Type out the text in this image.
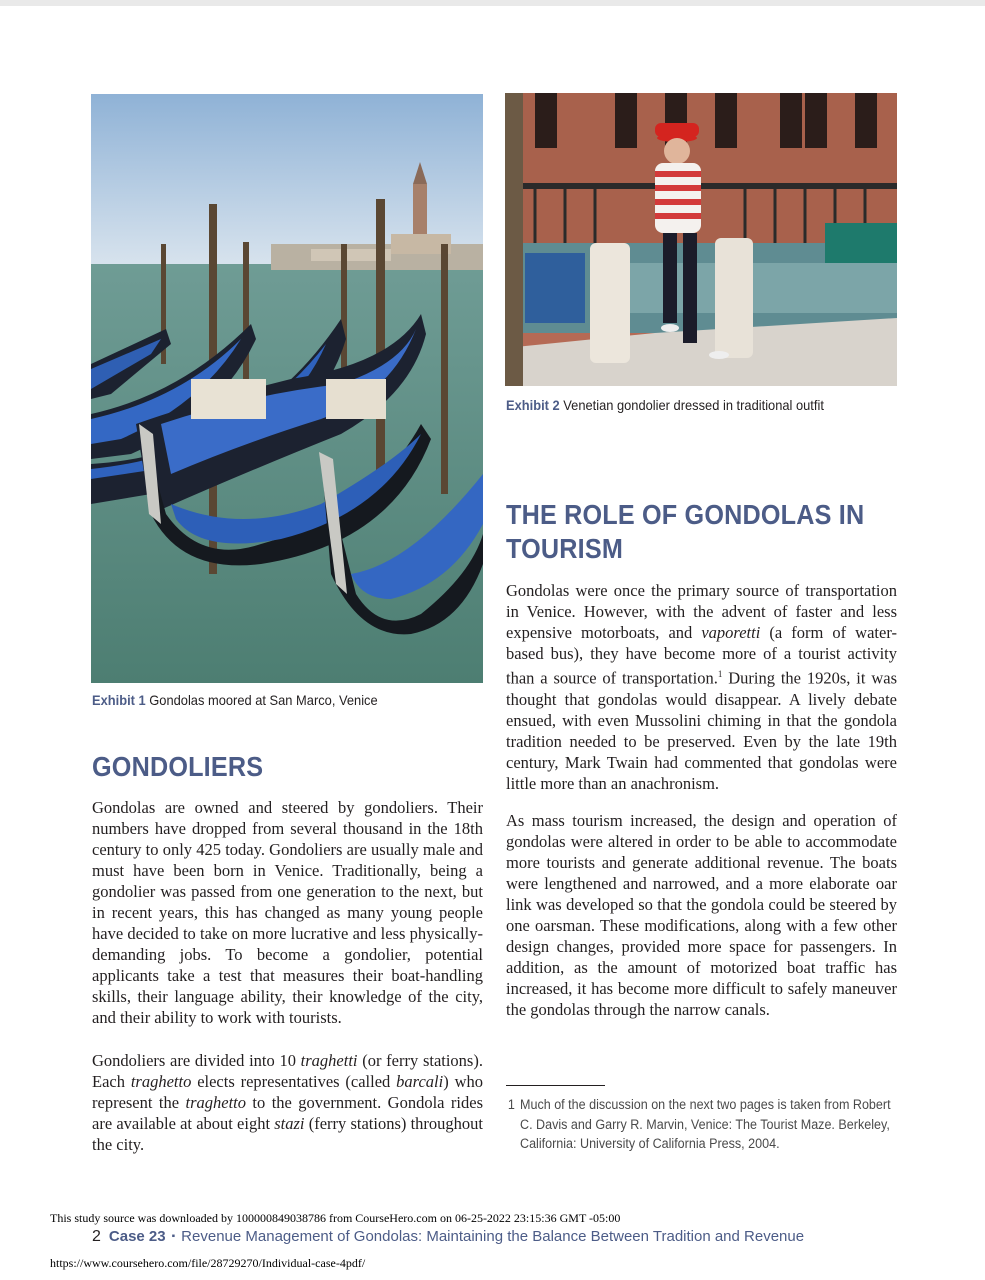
Exhibit 2 Venetian gondolier dressed in traditional outfit
Exhibit 1 Gondolas moored at San Marco, Venice
THE ROLE OF GONDOLAS IN
TOURISM

Gondolas were once the primary source of transportation in Venice. However, with the advent of faster and less expensive motorboats, and vaporetti (a form of water-based bus), they have become more of a tourist activity than a source of transportation.$^1$ During the 1920s, it was thought that gondolas would disappear. A lively debate ensued, with even Mussolini chiming in that the gondola tradition needed to be preserved. Even by the late 19th century, Mark Twain had commented that gondolas were little more than an anachronism.

As mass tourism increased, the design and operation of gondolas were altered in order to be able to accommodate more tourists and generate additional revenue. The boats were lengthened and narrowed, and a more elaborate oar link was developed so that the gondola could be steered by one oarsman. These modifications, along with a few other design changes, provided more space for passengers. In addition, as the amount of motorized boat traffic has increased, it has become more difficult to safely maneuver the gondolas through the narrow canals.

GONDOLIERS

Gondolas are owned and steered by gondoliers. Their numbers have dropped from several thousand in the 18th century to only 425 today. Gondoliers are usually male and must have been born in Venice. Traditionally, being a gondolier was passed from one generation to the next, but in recent years, this has changed as many young people have decided to take on more lucrative and less physically-demanding jobs. To become a gondolier, potential applicants take a test that measures their boat-handling skills, their language ability, their knowledge of the city, and their ability to work with tourists.

Gondoliers are divided into 10 traghetti (or ferry stations). Each traghetto elects representatives (called barcali) who represent the traghetto to the government. Gondola rides are available at about eight stazi (ferry stations) throughout the city.

1 Much of the discussion on the next two pages is taken from Robert C. Davis and Garry R. Marvin, Venice: The Tourist Maze. Berkeley, California: University of California Press, 2004.
This study source was downloaded by 100000849038786 from CourseHero.com on 06-25-2022 23:15:36 GMT -05:00
2 Case 23 ▪ Revenue Management of Gondolas: Maintaining the Balance Between Tradition and Revenue
https://www.coursehero.com/file/28729270/Individual-case-4pdf/
